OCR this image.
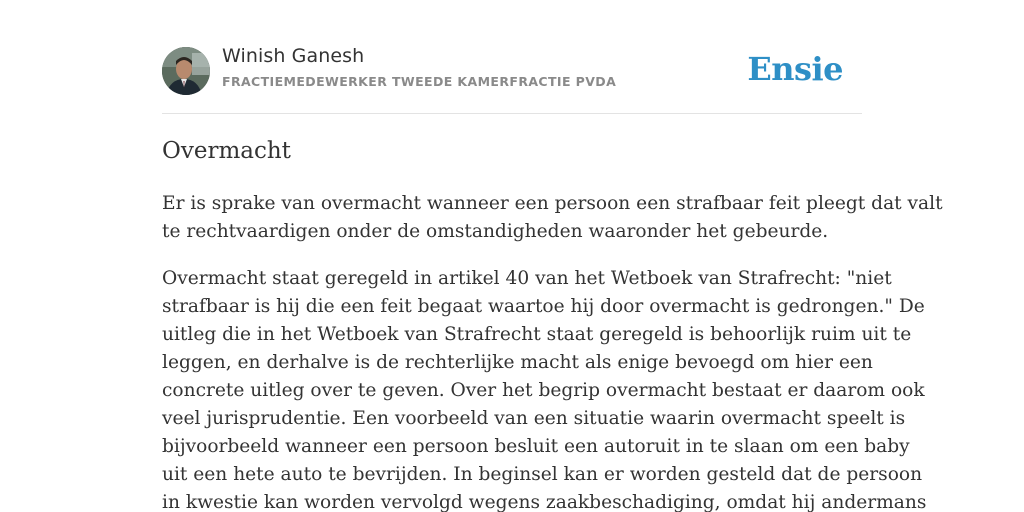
Winish Ganesh
FRACTIEMEDEWERKER TWEEDE KAMERFRACTIE PVDA	Ensie
Overmacht

Er is sprake van overmacht wanneer een persoon een strafbaar feit pleegt dat valt
te rechtvaardigen onder de omstandigheden waaronder het gebeurde.

Overmacht staat geregeld in artikel 40 van het Wetboek van Strafrecht: "niet
strafbaar is hij die een feit begaat waartoe hij door overmacht is gedrongen." De
uitleg die in het Wetboek van Strafrecht staat geregeld is behoorlijk ruim uit te
leggen, en derhalve is de rechterlijke macht als enige bevoegd om hier een
concrete uitleg over te geven. Over het begrip overmacht bestaat er daarom ook
veel jurisprudentie. Een voorbeeld van een situatie waarin overmacht speelt is
bijvoorbeeld wanneer een persoon besluit een autoruit in te slaan om een baby
uit een hete auto te bevrijden. In beginsel kan er worden gesteld dat de persoon
in kwestie kan worden vervolgd wegens zaakbeschadiging, omdat hij andermans
